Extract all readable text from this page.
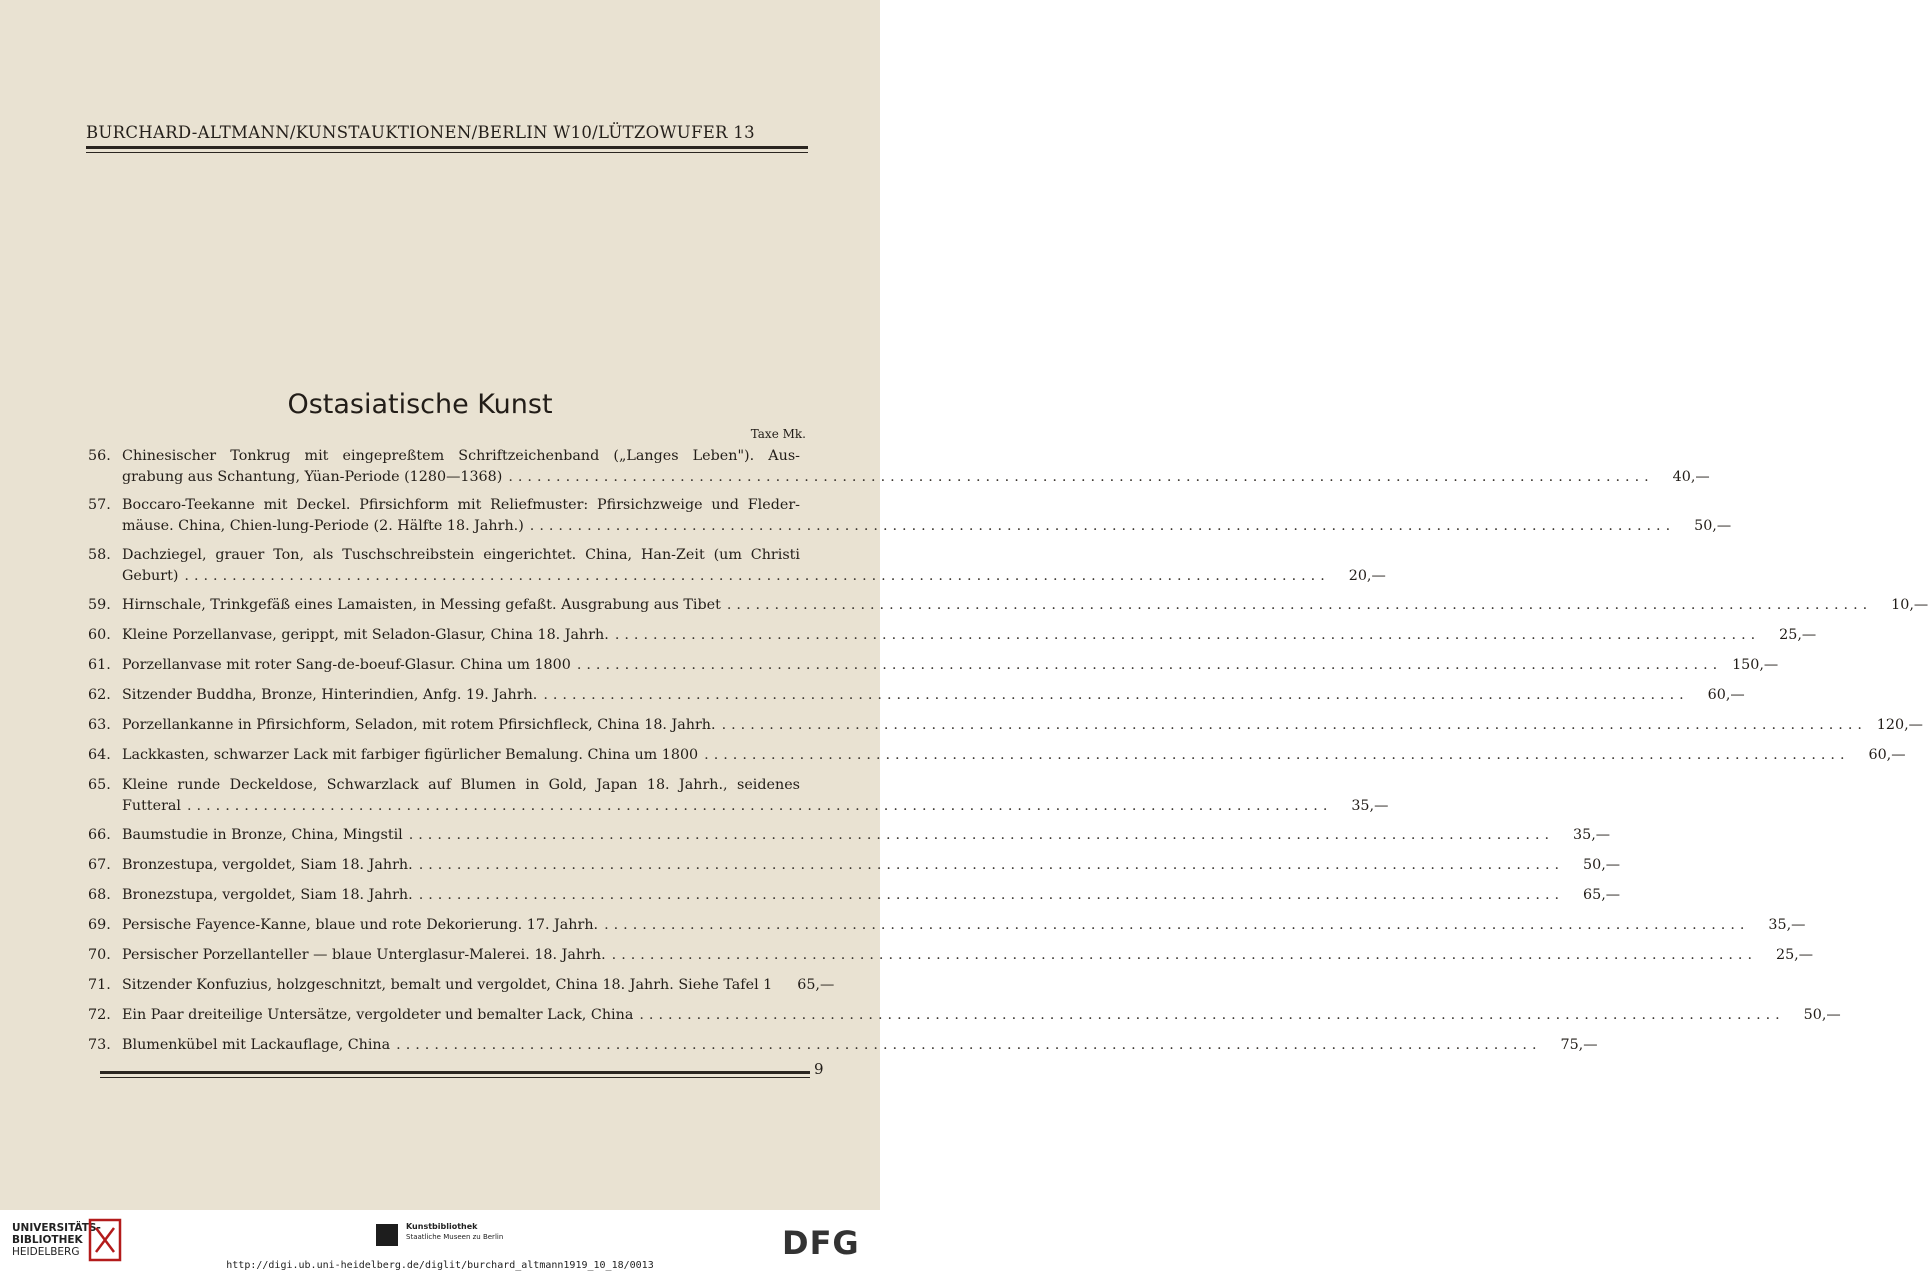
BURCHARD-ALTMANN/KUNSTAUKTIONEN/BERLIN W10/LÜTZOWUFER 13
Ostasiatische Kunst
Taxe Mk.
56. Chinesischer Tonkrug mit eingepreßtem Schriftzeichenband („Langes Leben"). Aus-
grabung aus Schantung, Yüan-Periode (1280—1368) ........................................................................................................................	40,—
57. Boccaro-Teekanne mit Deckel. Pfirsichform mit Reliefmuster: Pfirsichzweige und Fleder-
mäuse. China, Chien-lung-Periode (2. Hälfte 18. Jahrh.) ........................................................................................................................	50,—
58. Dachziegel, grauer Ton, als Tuschschreibstein eingerichtet. China, Han-Zeit (um Christi
Geburt) ........................................................................................................................	20,—
59. Hirnschale, Trinkgefäß eines Lamaisten, in Messing gefaßt. Ausgrabung aus Tibet ........................................................................................................................	10,—
60. Kleine Porzellanvase, gerippt, mit Seladon-Glasur, China 18. Jahrh. ........................................................................................................................	25,—
61. Porzellanvase mit roter Sang-de-boeuf-Glasur. China um 1800 ........................................................................................................................ 150,—
62. Sitzender Buddha, Bronze, Hinterindien, Anfg. 19. Jahrh. ........................................................................................................................	60,—
63. Porzellankanne in Pfirsichform, Seladon, mit rotem Pfirsichfleck, China 18. Jahrh. ........................................................................................................................ 120,—
64. Lackkasten, schwarzer Lack mit farbiger figürlicher Bemalung. China um 1800 ........................................................................................................................	60,—
65. Kleine runde Deckeldose, Schwarzlack auf Blumen in Gold, Japan 18. Jahrh., seidenes
Futteral ........................................................................................................................	35,—
66. Baumstudie in Bronze, China, Mingstil ........................................................................................................................	35,—
67. Bronzestupa, vergoldet, Siam 18. Jahrh. ........................................................................................................................	50,—
68. Bronezstupa, vergoldet, Siam 18. Jahrh. ........................................................................................................................	65,—
69. Persische Fayence-Kanne, blaue und rote Dekorierung. 17. Jahrh. ........................................................................................................................	35,—
70. Persischer Porzellanteller — blaue Unterglasur-Malerei. 18. Jahrh. ........................................................................................................................	25,—
71. Sitzender Konfuzius, holzgeschnitzt, bemalt und vergoldet, China 18. Jahrh. Siehe Tafel 1	65,—
72. Ein Paar dreiteilige Untersätze, vergoldeter und bemalter Lack, China ........................................................................................................................	50,—
73. Blumenkübel mit Lackauflage, China ........................................................................................................................	75,—
9
UNIVERSITÄTS-
BIBLIOTHEK
HEIDELBERG
Kunstbibliothek
Staatliche Museen zu Berlin	DFG
http://digi.ub.uni-heidelberg.de/diglit/burchard_altmann1919_10_18/0013
